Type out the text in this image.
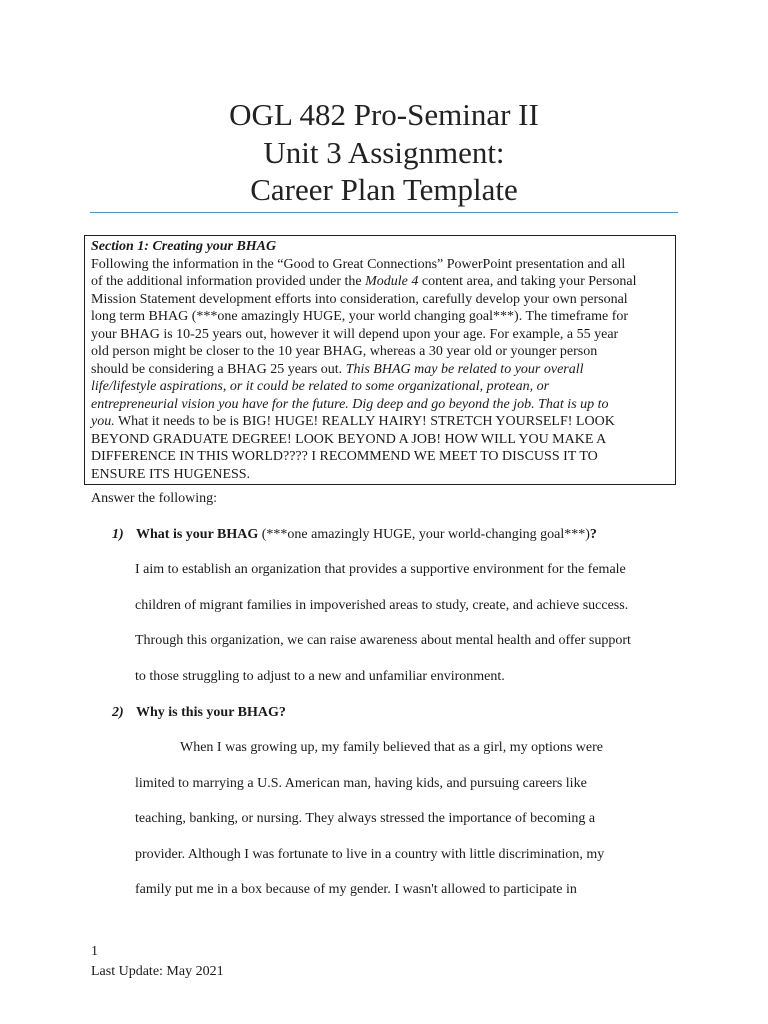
OGL 482 Pro-Seminar II
Unit 3 Assignment:
Career Plan Template
Section 1: Creating your BHAG
Following the information in the “Good to Great Connections” PowerPoint presentation and all
of the additional information provided under the Module 4 content area, and taking your Personal
Mission Statement development efforts into consideration, carefully develop your own personal
long term BHAG (***one amazingly HUGE, your world changing goal***). The timeframe for
your BHAG is 10-25 years out, however it will depend upon your age. For example, a 55 year
old person might be closer to the 10 year BHAG, whereas a 30 year old or younger person
should be considering a BHAG 25 years out. This BHAG may be related to your overall
life/lifestyle aspirations, or it could be related to some organizational, protean, or
entrepreneurial vision you have for the future. Dig deep and go beyond the job. That is up to
you. What it needs to be is BIG! HUGE! REALLY HAIRY! STRETCH YOURSELF! LOOK
BEYOND GRADUATE DEGREE! LOOK BEYOND A JOB! HOW WILL YOU MAKE A
DIFFERENCE IN THIS WORLD???? I RECOMMEND WE MEET TO DISCUSS IT TO
ENSURE ITS HUGENESS.
Answer the following:
1) What is your BHAG (***one amazingly HUGE, your world-changing goal***)?
I aim to establish an organization that provides a supportive environment for the female
children of migrant families in impoverished areas to study, create, and achieve success.
Through this organization, we can raise awareness about mental health and offer support
to those struggling to adjust to a new and unfamiliar environment.
2) Why is this your BHAG?
When I was growing up, my family believed that as a girl, my options were
limited to marrying a U.S. American man, having kids, and pursuing careers like
teaching, banking, or nursing. They always stressed the importance of becoming a
provider. Although I was fortunate to live in a country with little discrimination, my
family put me in a box because of my gender. I wasn't allowed to participate in
1
Last Update: May 2021
